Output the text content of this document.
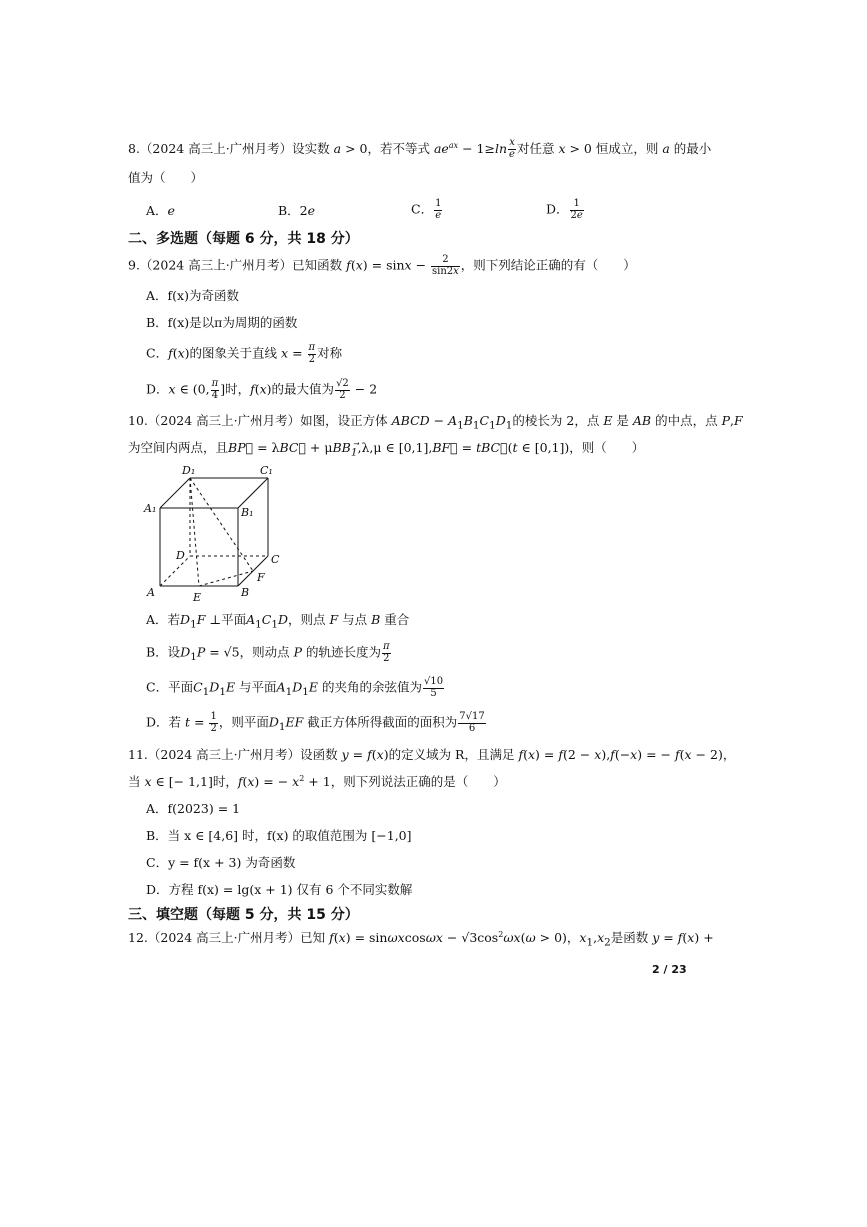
8.（2024 高三上·广州月考）设实数 a > 0，若不等式 $ae^{ax} - 1\ge\ln \frac{x}{e}$ 对任意 x > 0 恒成立，则 a 的最小
值为（　　）
A．e	B．2e	C． $\frac{1}{e}$	D． $\frac{1}{2e}$
二、多选题（每题 6 分，共 18 分）
9.（2024 高三上·广州月考）已知函数 $f(x) = \sin x - \frac{2}{\sin 2x}$ ，则下列结论正确的有（　　）
A．f(x)为奇函数
B．f(x)是以π为周期的函数
C．f(x)的图象关于直线 $x = \frac{\pi}{2}$ 对称
D．x ∈ (0, $\frac{\pi}{4}$ ]时，f(x)的最大值为 $\frac{√2}{2} - 2$
10.（2024 高三上·广州月考）如图，设正方体 ABCD − $A_1B_1C_1D_1$的棱长为 2，点 E 是 AB 的中点，点 P,F
为空间内两点，且BP⃗ = λBC⃗ + μBB$_1$,λ,μ ∈ [0,1],BF⃗ = tBC⃗(t ∈ [0,1])，则（　　）
D₁	C₁
A₁	B₁
D	C
A	E	B
F
A．若$D_1F$ ⊥平面$A_1C_1D$，则点 F 与点 B 重合
B．设$D_1P = √5$，则动点 P 的轨迹长度为 $\frac{\pi}{2}$
C．平面$C_1D_1E$ 与平面$A_1D_1E$ 的夹角的余弦值为 $\frac{√10}{5}$
D．若 $t = \frac{1}{2}$ ，则平面$D_1EF$ 截正方体所得截面的面积为 $\frac{7√17}{6}$
11.（2024 高三上·广州月考）设函数 y = f(x)的定义域为 R，且满足 f(x) = f(2 − x),f(−x) = − f(x − 2)，
当 x ∈ [− 1,1]时，f(x) = − $x^2 + 1$，则下列说法正确的是（　　）
A．f(2023) = 1
B．当 x ∈ [4,6] 时，f(x) 的取值范围为 [−1,0]
C．y = f(x + 3) 为奇函数
D．方程 f(x) = lg(x + 1) 仅有 6 个不同实数解
三、填空题（每题 5 分，共 15 分）
12.（2024 高三上·广州月考）已知 $f(x) = \sin\omega xcos\omega x - √3\cos^2\omega x(\omega > 0)$，$x_1,x_2$是函数 y = f(x) +
2 / 23
